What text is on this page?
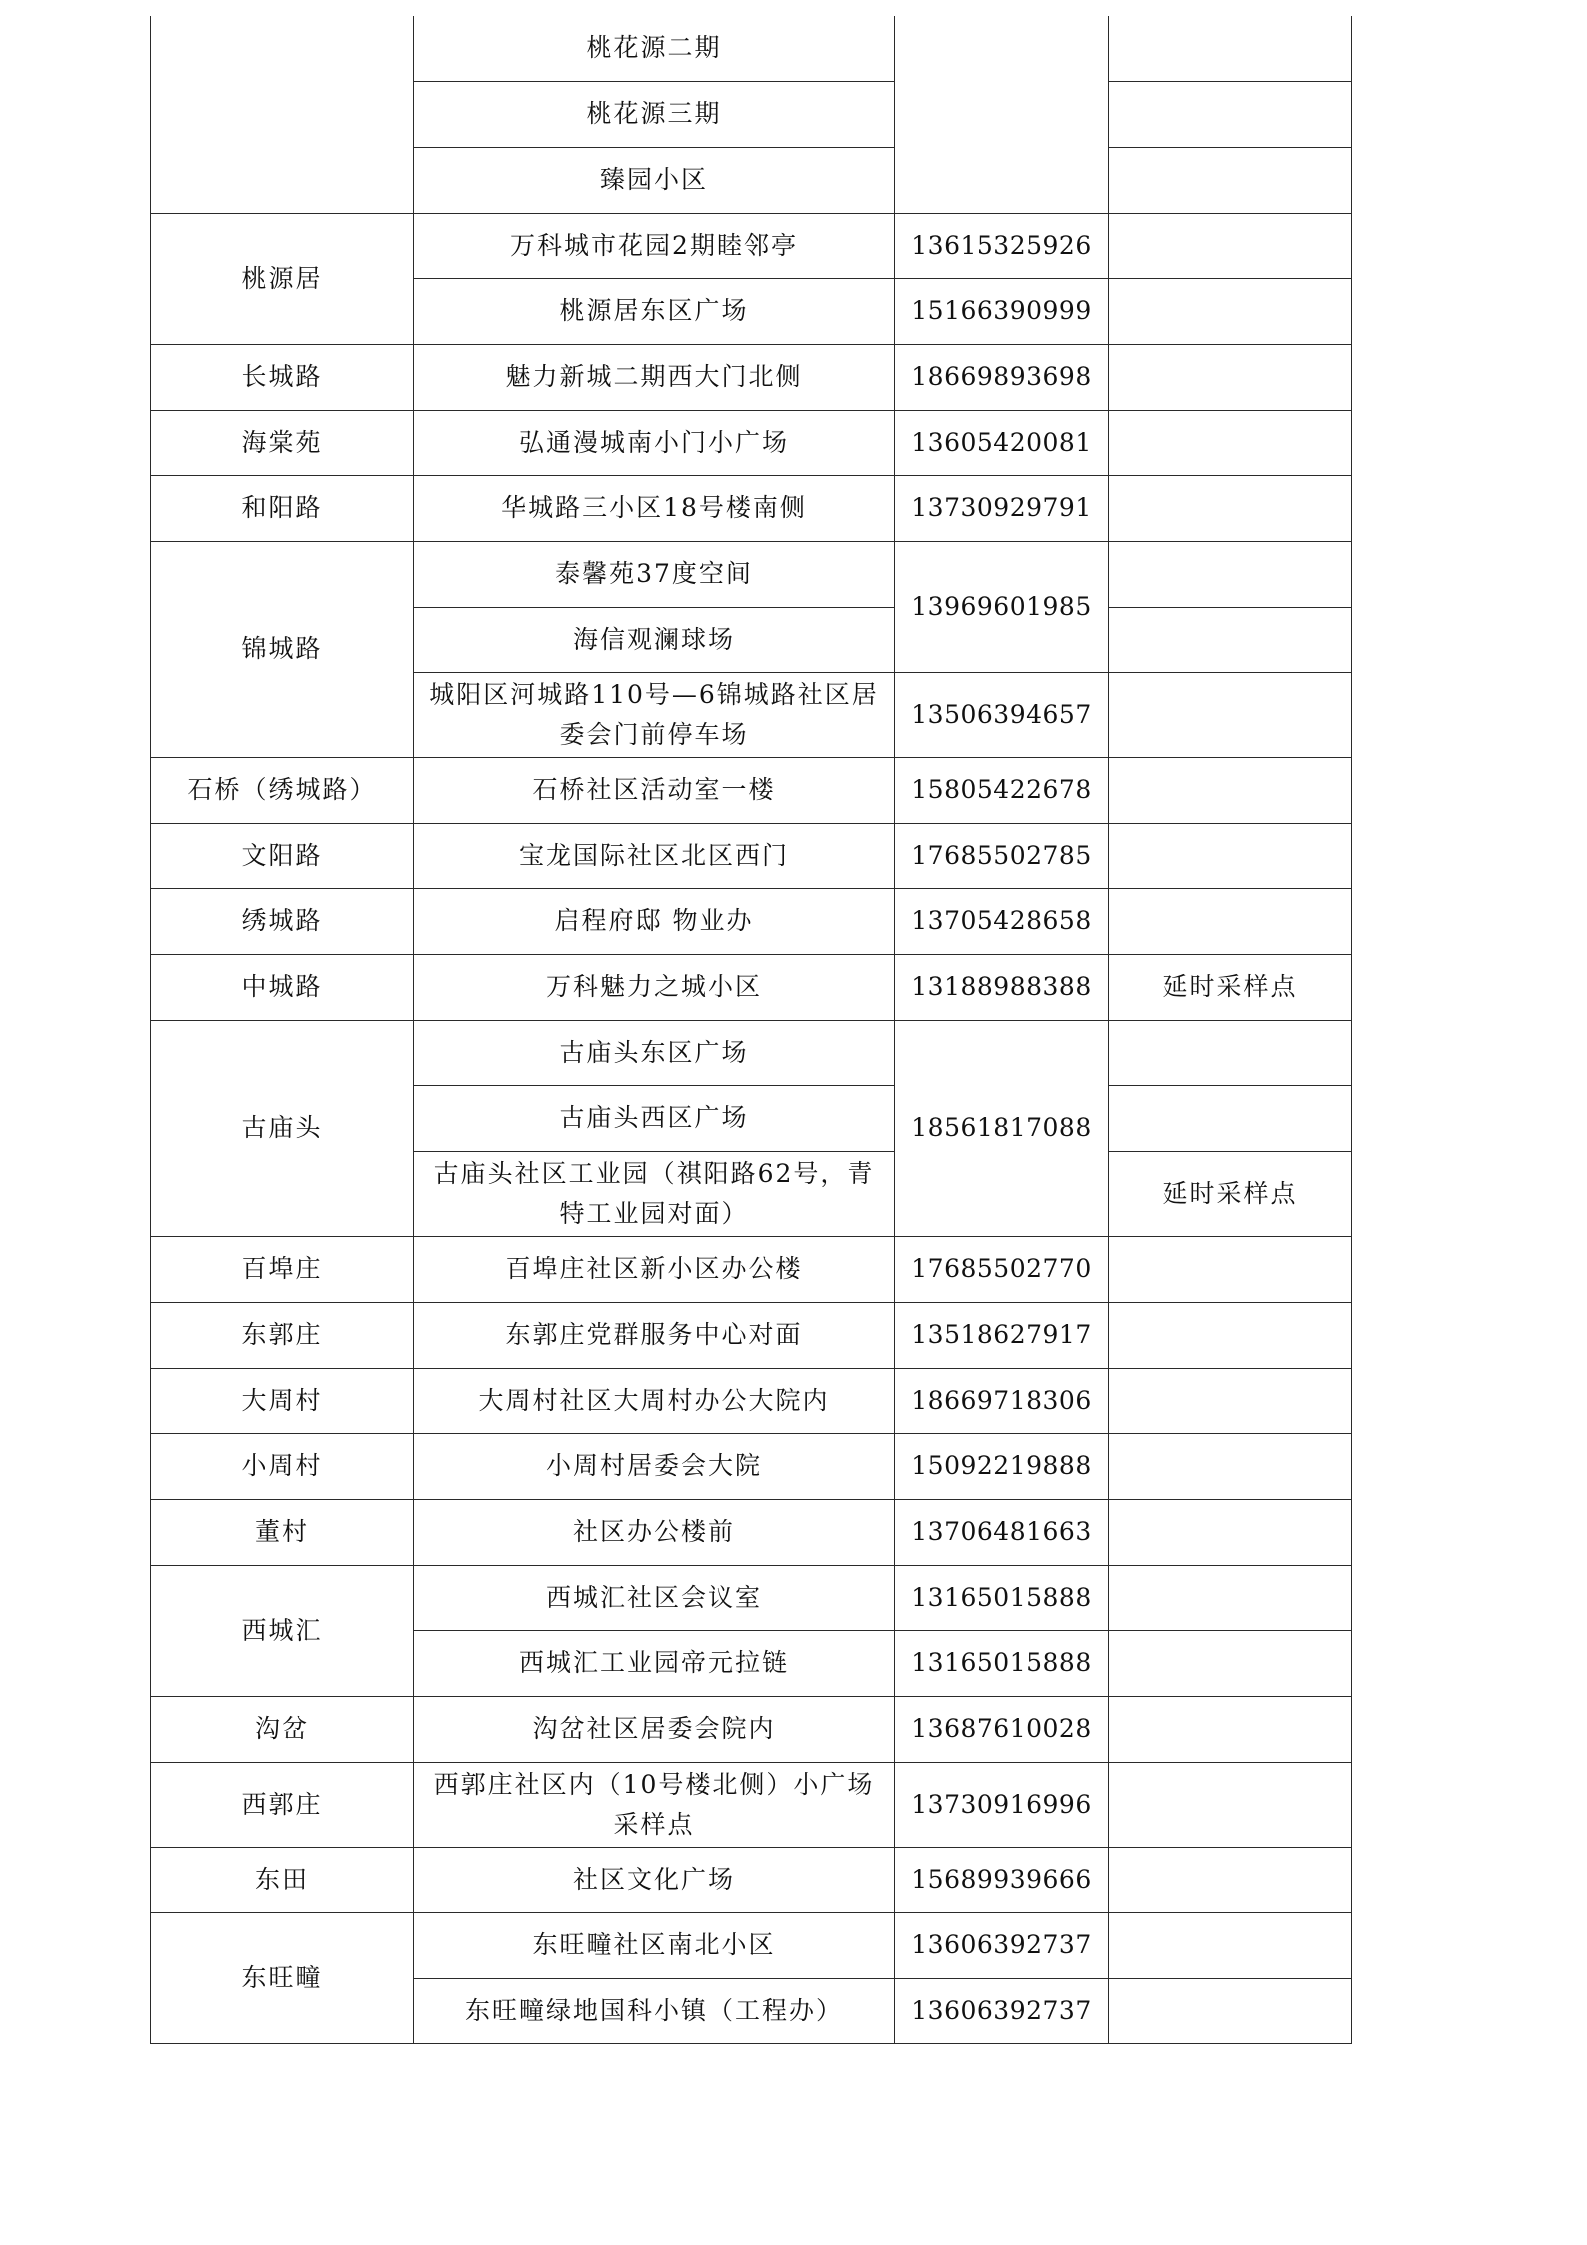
	桃花源二期		
	桃花源三期		
	臻园小区		
桃源居	万科城市花园2期睦邻亭	13615325926	
	桃源居东区广场	15166390999	
长城路	魅力新城二期西大门北侧	18669893698	
海棠苑	弘通漫城南小门小广场	13605420081	
和阳路	华城路三小区18号楼南侧	13730929791	
锦城路	泰馨苑37度空间	13969601985	
	海信观澜球场		
	城阳区河城路110号—6锦城路社区居委会门前停车场	13506394657	
石桥（绣城路）	石桥社区活动室一楼	15805422678	
文阳路	宝龙国际社区北区西门	17685502785	
绣城路	启程府邸 物业办	13705428658	
中城路	万科魅力之城小区	13188988388	延时采样点
古庙头	古庙头东区广场	18561817088	
	古庙头西区广场		
	古庙头社区工业园（祺阳路62号，青特工业园对面）		延时采样点
百埠庄	百埠庄社区新小区办公楼	17685502770	
东郭庄	东郭庄党群服务中心对面	13518627917	
大周村	大周村社区大周村办公大院内	18669718306	
小周村	小周村居委会大院	15092219888	
董村	社区办公楼前	13706481663	
西城汇	西城汇社区会议室	13165015888	
	西城汇工业园帝元拉链	13165015888	
沟岔	沟岔社区居委会院内	13687610028	
西郭庄	西郭庄社区内（10号楼北侧）小广场采样点	13730916996	
东田	社区文化广场	15689939666	
东旺疃	东旺疃社区南北小区	13606392737	
	东旺疃绿地国科小镇（工程办）	13606392737	
